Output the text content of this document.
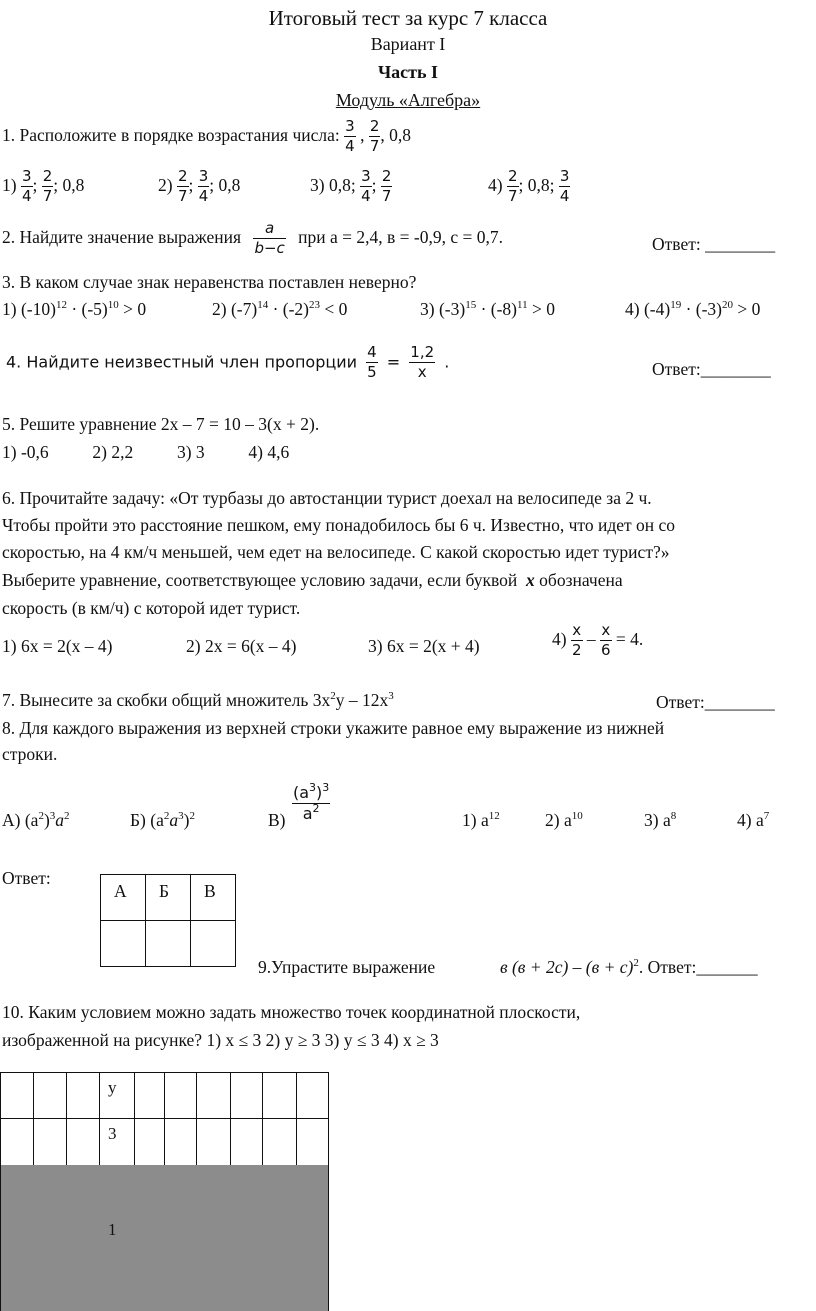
Итоговый тест за курс 7 класса
Вариант I
Часть I
Модуль «Алгебра»
1. Расположите в порядке возрастания числа: $\frac{3}{4}$ , $\frac{2}{7}$ , 0,8
$1) \frac{3}{4}$ ; $\frac{2}{7}$ ; 0,8	$2) \frac{2}{7}$ ; $\frac{3}{4}$ ; 0,8	3) 0,8; $\frac{3}{4}$ ; $\frac{2}{7}$	$4) \frac{2}{7}$ ; 0,8; $\frac{3}{4}$
2. Найдите значение выражения $\frac{a}{b-c}$ при a = 2,4, в = -0,9, c = 0,7.	Ответ: ________
3. В каком случае знак неравенства поставлен неверно?
1) $(-10)^{12} \cdot (-5)^{10} > 0$	2) $(-7)^{14} \cdot (-2)^{23} < 0$	3) $(-3)^{15} \cdot (-8)^{11} > 0$	4) $(-4)^{19} \cdot (-3)^{20} > 0$
4. Найдите неизвестный член пропорции $\frac{4}{5} = \frac{1,2}{x}$ .	Ответ:________
5. Решите уравнение 2x – 7 = 10 – 3(x + 2).
1) -0,6          2) 2,2          3) 3          4) 4,6
6. Прочитайте задачу: «От турбазы до автостанции турист доехал на велосипеде за 2 ч.
Чтобы пройти это расстояние пешком, ему понадобилось бы 6 ч. Известно, что идет он со
скоростью, на 4 км/ч меньшей, чем едет на велосипеде. С какой скоростью идет турист?»
Выберите уравнение, соответствующее условию задачи, если буквой x обозначена
скорость (в км/ч) с которой идет турист.
1) 6x = 2(x – 4)	2) 2x = 6(x – 4)	3) 6x = 2(x + 4)	$4) \frac{x}{2} - \frac{x}{6} = 4$.
7. Вынесите за скобки общий множитель $3x^2y - 12x^3$	Ответ:________
8. Для каждого выражения из верхней строки укажите равное ему выражение из нижней
строки.
А) $(a^2)^3a^2$	Б) $(a^2a^3)^2$	$В) \frac{(a^3)^3}{a^2}$	1) $a^{12}$	2) $a^{10}$	3) $a^8$	4) $a^7$
Ответ:
А	Б	В

9.Упрастите выражение	в $(в + 2с) - (в + с)^2$. Ответ:_______
10. Каким условием можно задать множество точек координатной плоскости,
изображенной на рисунке? 1) x ≤ 3 2) y ≥ 3 3) y ≤ 3 4) x ≥ 3
y
3
1
